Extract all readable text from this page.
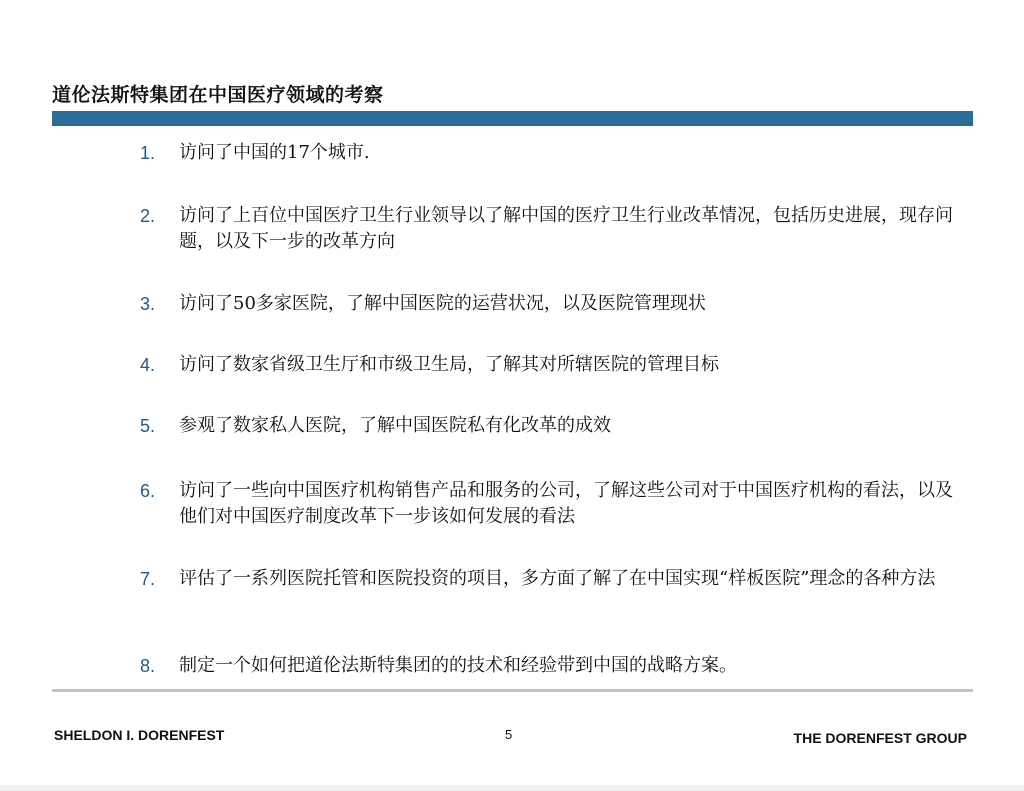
道伦法斯特集团在中国医疗领域的考察
1.	访问了中国的17个城市.
2.	访问了上百位中国医疗卫生行业领导以了解中国的医疗卫生行业改革情况，包括历史进展，现存问题，以及下一步的改革方向
3.	访问了50多家医院，了解中国医院的运营状况，以及医院管理现状
4.	访问了数家省级卫生厅和市级卫生局，了解其对所辖医院的管理目标
5.	参观了数家私人医院，了解中国医院私有化改革的成效
6.	访问了一些向中国医疗机构销售产品和服务的公司，了解这些公司对于中国医疗机构的看法，以及他们对中国医疗制度改革下一步该如何发展的看法
7.	评估了一系列医院托管和医院投资的项目，多方面了解了在中国实现“样板医院”理念的各种方法
8.	制定一个如何把道伦法斯特集团的的技术和经验带到中国的战略方案。
SHELDON I. DORENFEST	5	THE DORENFEST GROUP
